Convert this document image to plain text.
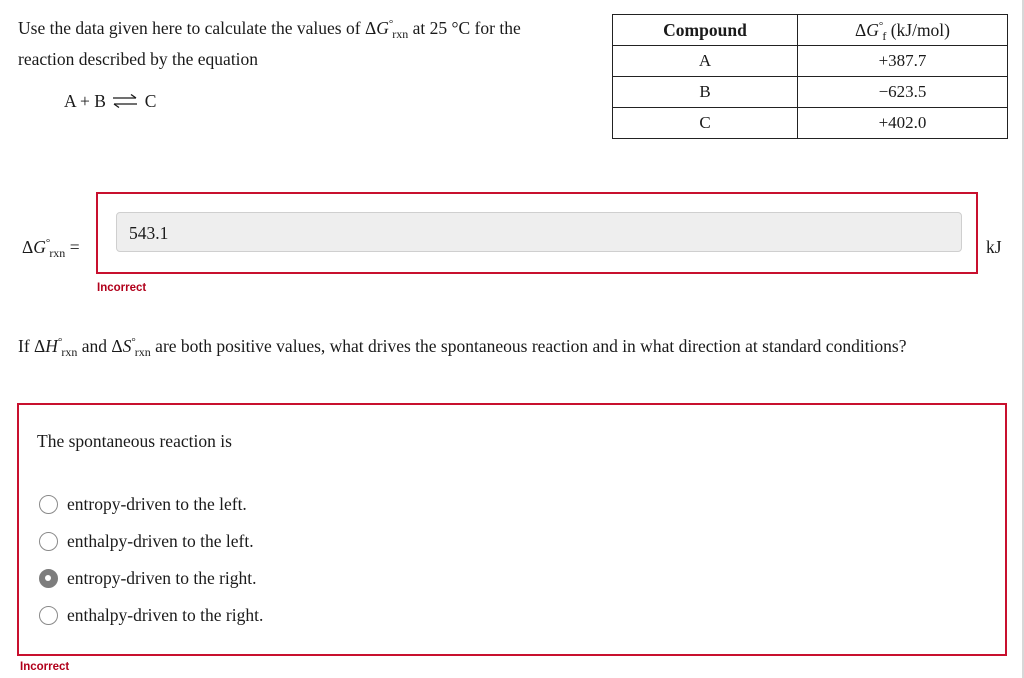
Use the data given here to calculate the values of $\Delta G^\circ_{rxn}$ at 25 °C for the
reaction described by the equation
A + B ⇌ C
Compound	$\Delta G^\circ_f$ (kJ/mol)
A	+387.7
B	−623.5
C	+402.0
$\Delta G^\circ_{rxn}$ =
543.1
kJ
Incorrect
If $\Delta H^\circ_{rxn}$ and $\Delta S^\circ_{rxn}$ are both positive values, what drives the spontaneous reaction and in what direction at standard conditions?
The spontaneous reaction is
entropy-driven to the left.
enthalpy-driven to the left.
entropy-driven to the right.
enthalpy-driven to the right.
Incorrect
